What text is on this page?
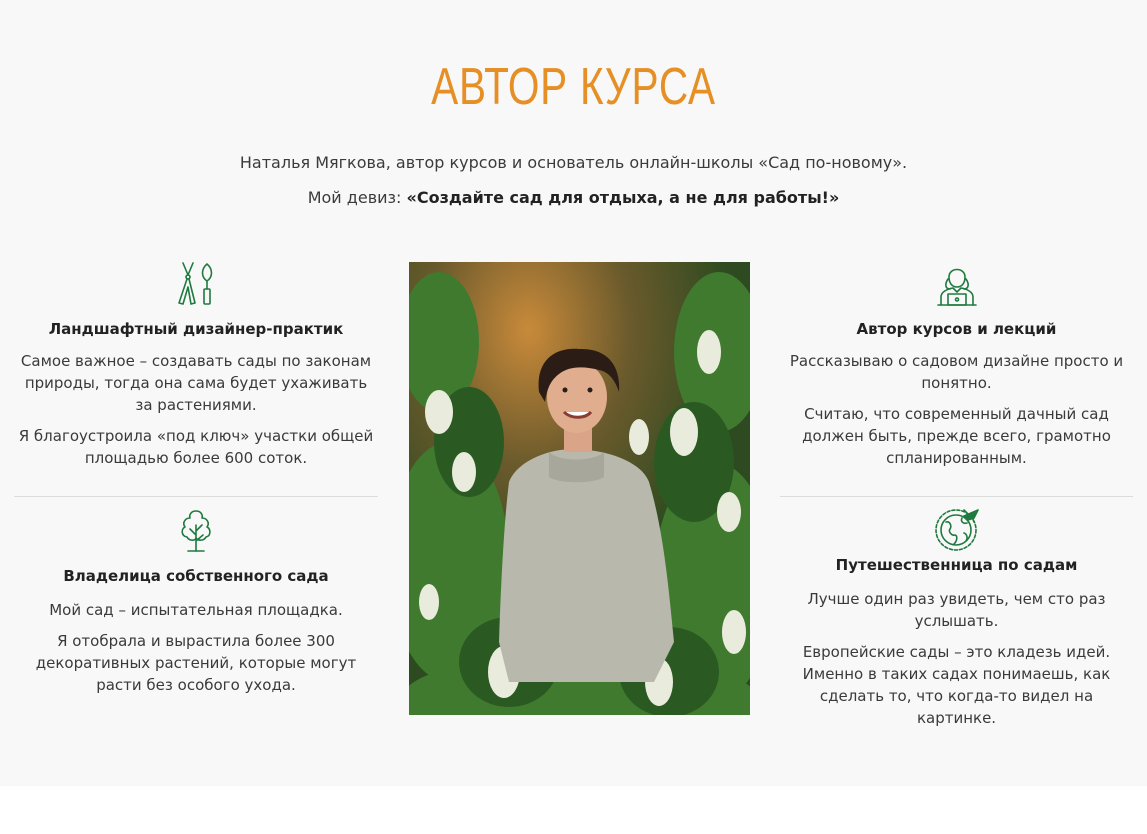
АВТОР КУРСА
Наталья Мягкова, автор курсов и основатель онлайн-школы «Сад по-новому».
Мой девиз: «Создайте сад для отдыха, а не для работы!»
Ландшафтный дизайнер-практик

Самое важное – создавать сады по законам природы, тогда она сама будет ухаживать за растениями.

Я благоустроила «под ключ» участки общей площадью более 600 соток.

Владелица собственного сада

Мой сад – испытательная площадка.

Я отобрала и вырастила более 300 декоративных растений, которые могут расти без особого ухода.

Автор курсов и лекций

Рассказываю о садовом дизайне просто и понятно.

Считаю, что современный дачный сад должен быть, прежде всего, грамотно спланированным.

Путешественница по садам

Лучше один раз увидеть, чем сто раз услышать.

Европейские сады – это кладезь идей. Именно в таких садах понимаешь, как сделать то, что когда-то видел на картинке.
